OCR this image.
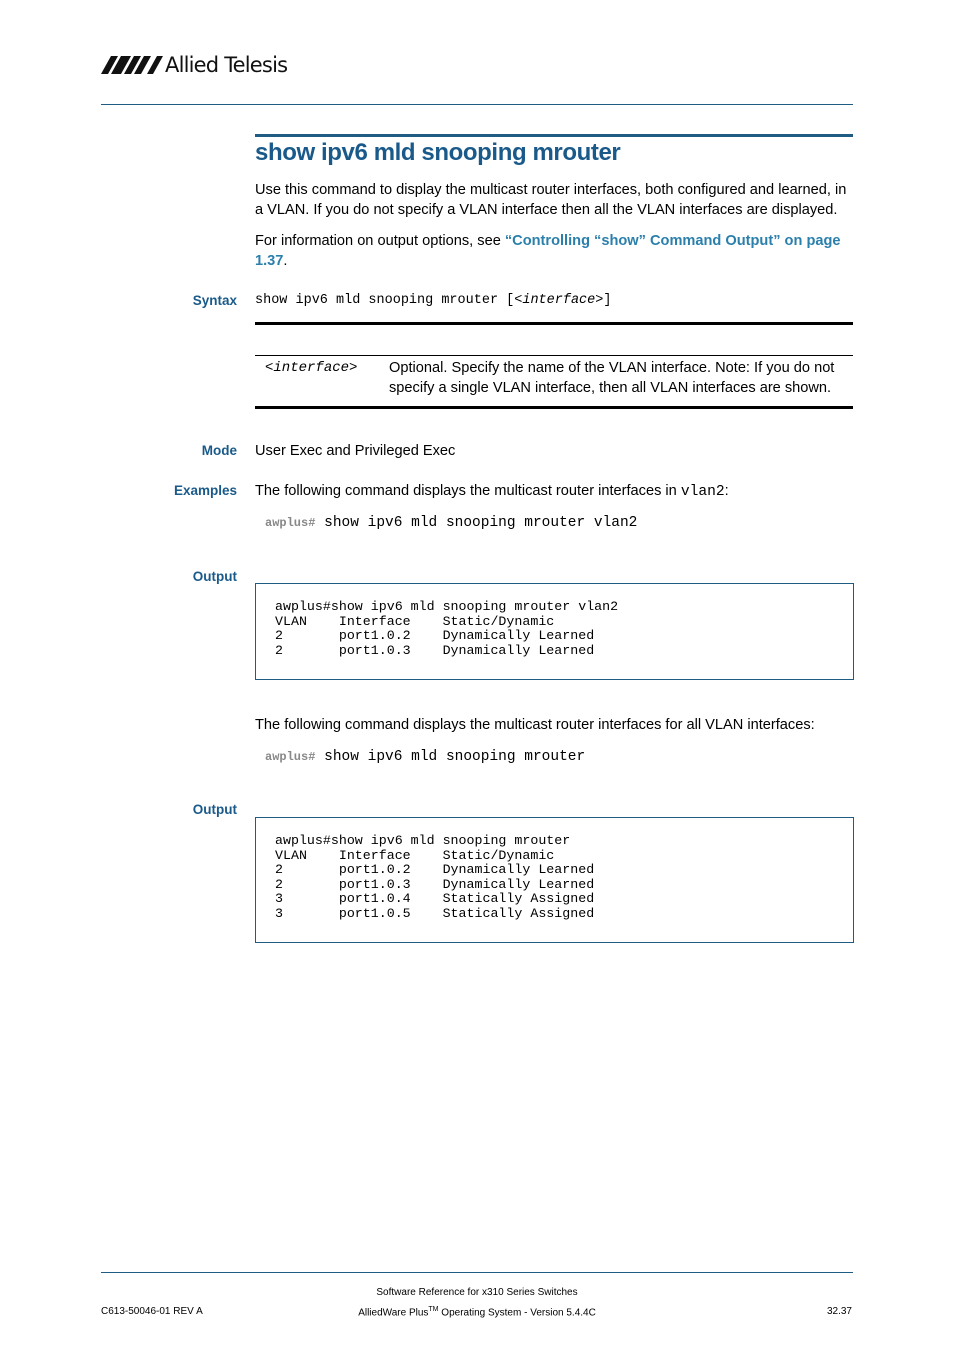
Allied Telesis
show ipv6 mld snooping mrouter
Use this command to display the multicast router interfaces, both configured and learned, in a VLAN. If you do not specify a VLAN interface then all the VLAN interfaces are displayed.
For information on output options, see “Controlling “show” Command Output” on page 1.37.
Syntax show ipv6 mld snooping mrouter [<interface>]
<interface> Optional. Specify the name of the VLAN interface. Note: If you do not specify a single VLAN interface, then all VLAN interfaces are shown.
Mode User Exec and Privileged Exec
Examples The following command displays the multicast router interfaces in vlan2:
awplus# show ipv6 mld snooping mrouter vlan2
Output
awplus#show ipv6 mld snooping mrouter vlan2
VLAN    Interface    Static/Dynamic
2       port1.0.2    Dynamically Learned
2       port1.0.3    Dynamically Learned
The following command displays the multicast router interfaces for all VLAN interfaces:
awplus# show ipv6 mld snooping mrouter
Output
awplus#show ipv6 mld snooping mrouter
VLAN    Interface    Static/Dynamic
2       port1.0.2    Dynamically Learned
2       port1.0.3    Dynamically Learned
3       port1.0.4    Statically Assigned
3       port1.0.5    Statically Assigned
Software Reference for x310 Series Switches
AlliedWare Plus™ Operating System - Version 5.4.4C
C613-50046-01 REV A	32.37
